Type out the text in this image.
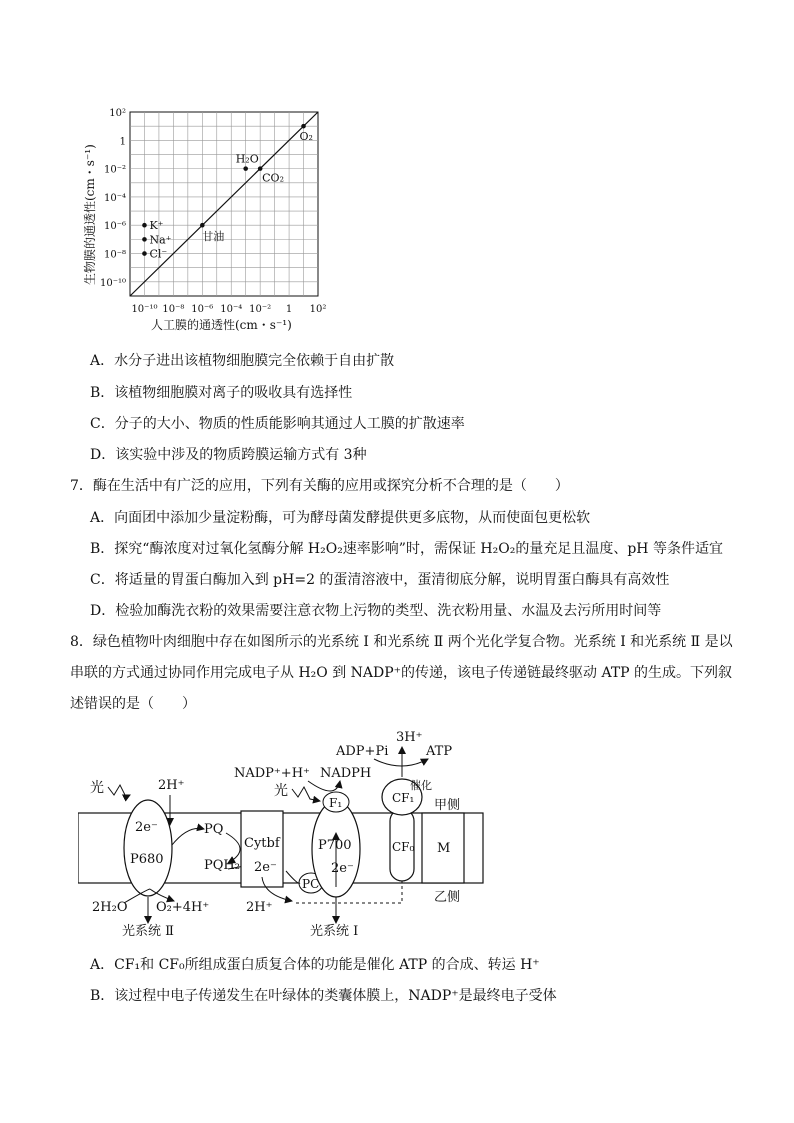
10⁻¹⁰ 10⁻⁸ 10⁻⁶ 10⁻⁴ 10⁻² 1 10²
10²
1
10⁻²
10⁻⁴
10⁻⁶
10⁻⁸
10⁻¹⁰
O₂
H₂O
CO₂
甘油
K⁺
Na⁺
Cl⁻
生物膜的通透性(cm・s⁻¹)
人工膜的通透性(cm・s⁻¹)
A．水分子进出该植物细胞膜完全依赖于自由扩散
B．该植物细胞膜对离子的吸收具有选择性
C．分子的大小、物质的性质能影响其通过人工膜的扩散速率
D．该实验中涉及的物质跨膜运输方式有 3种
7．酶在生活中有广泛的应用，下列有关酶的应用或探究分析不合理的是（　　）
A．向面团中添加少量淀粉酶，可为酵母菌发酵提供更多底物，从而使面包更松软
B．探究“酶浓度对过氧化氢酶分解 H₂O₂速率影响”时，需保证 H₂O₂的量充足且温度、pH 等条件适宜
C．将适量的胃蛋白酶加入到 pH=2 的蛋清溶液中，蛋清彻底分解，说明胃蛋白酶具有高效性
D．检验加酶洗衣粉的效果需要注意衣物上污物的类型、洗衣粉用量、水温及去污所用时间等
8．绿色植物叶肉细胞中存在如图所示的光系统 Ⅰ 和光系统 Ⅱ 两个光化学复合物。光系统 Ⅰ 和光系统 Ⅱ 是以
串联的方式通过协同作用完成电子从 H₂O 到 NADP⁺的传递，该电子传递链最终驱动 ATP 的生成。下列叙
述错误的是（　　）
2e⁻
P680
光	2H⁺
PQ
PQH₂
Cytbf
2e⁻
PC
F₁
P700
2e⁻
光
NADP⁺+H⁺ NADPH
CF₁
CF₀
催化
3H⁺
ADP+Pi	ATP
M
甲侧
乙侧
2H₂O O₂+4H⁺	2H⁺
光系统 Ⅱ	光系统 Ⅰ
A．CF₁和 CF₀所组成蛋白质复合体的功能是催化 ATP 的合成、转运 H⁺
B．该过程中电子传递发生在叶绿体的类囊体膜上，NADP⁺是最终电子受体
